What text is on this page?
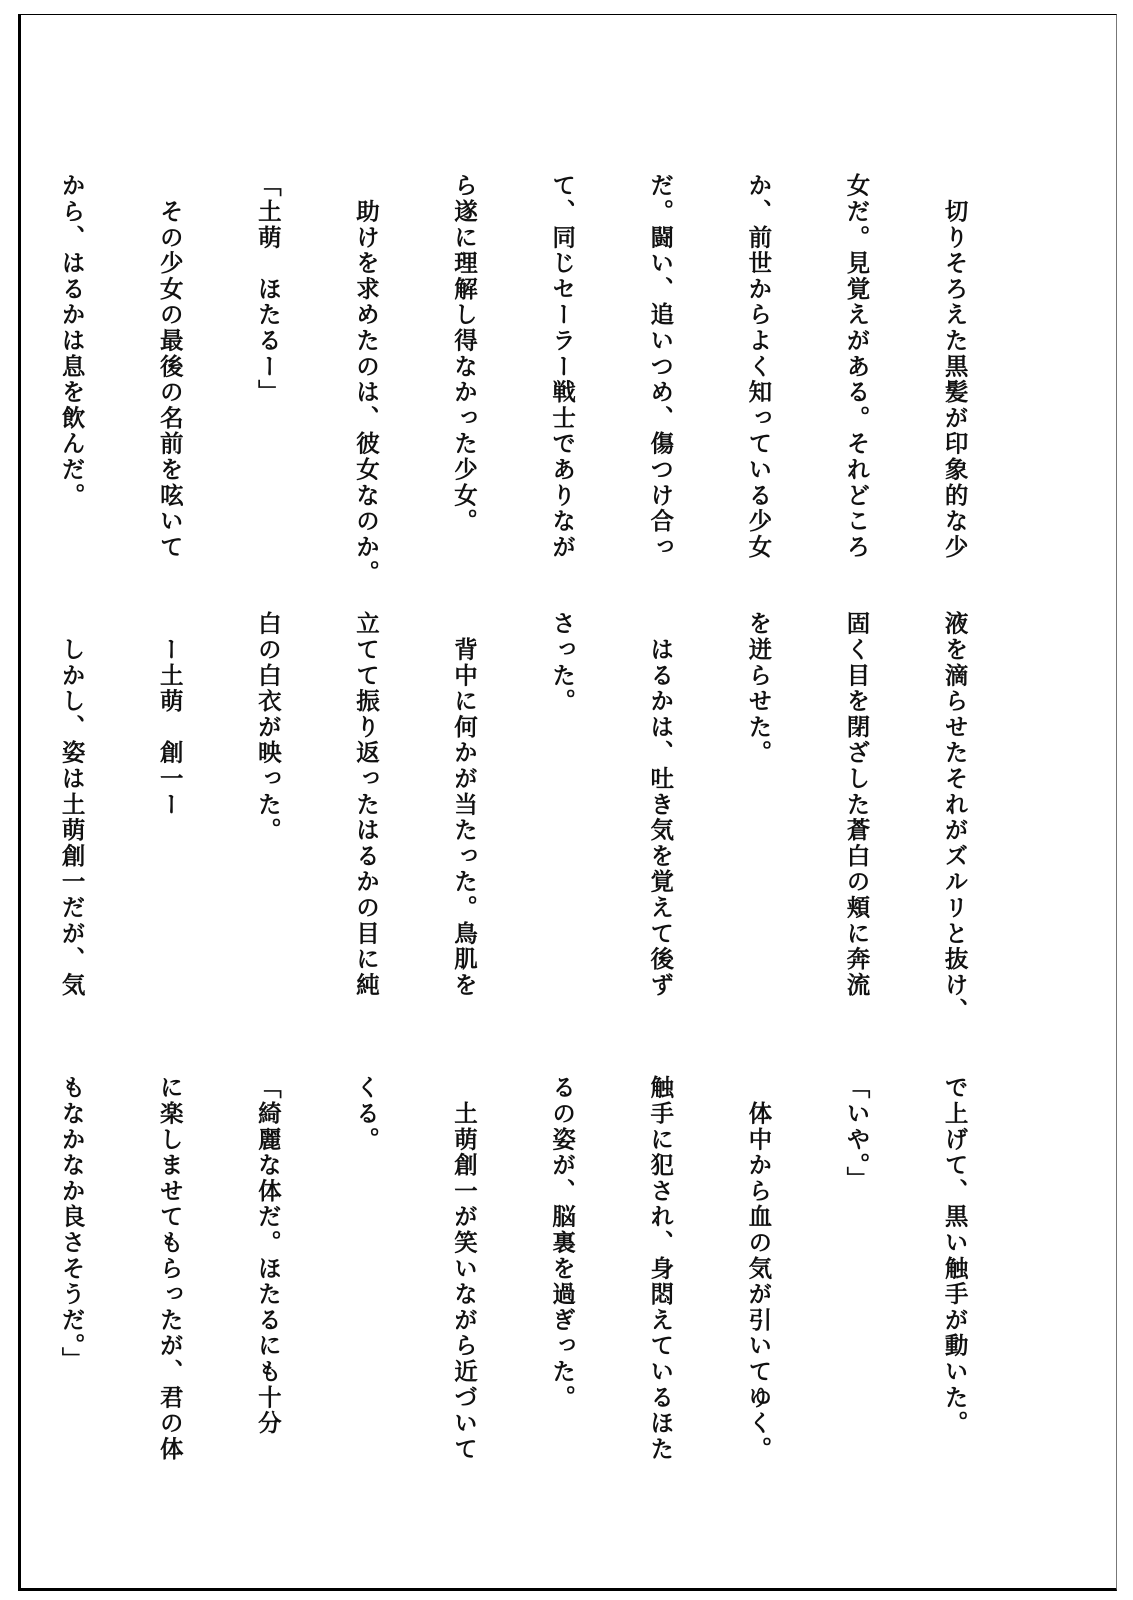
　切りそろえた黒髪が印象的な少

女だ。見覚えがある。それどころ

か、前世からよく知っている少女

だ。闘い、追いつめ、傷つけ合っ

て、同じセーラー戦士でありなが

ら遂に理解し得なかった少女。

　助けを求めたのは、彼女なのか。

「土萌　ほたるー」

　その少女の最後の名前を呟いて

から、はるかは息を飲んだ。

液を滴らせたそれがズルリと抜け、

固く目を閉ざした蒼白の頬に奔流

を迸らせた。

　はるかは、吐き気を覚えて後ず

さった。

　背中に何かが当たった。鳥肌を

立てて振り返ったはるかの目に純

白の白衣が映った。

　ー土萌　創一ー

　しかし、姿は土萌創一だが、気

で上げて、黒い触手が動いた。

「いや。」

　体中から血の気が引いてゆく。

触手に犯され、身悶えているほた

るの姿が、脳裏を過ぎった。

　土萌創一が笑いながら近づいて

くる。

「綺麗な体だ。ほたるにも十分

に楽しませてもらったが、君の体

もなかなか良さそうだ。」
